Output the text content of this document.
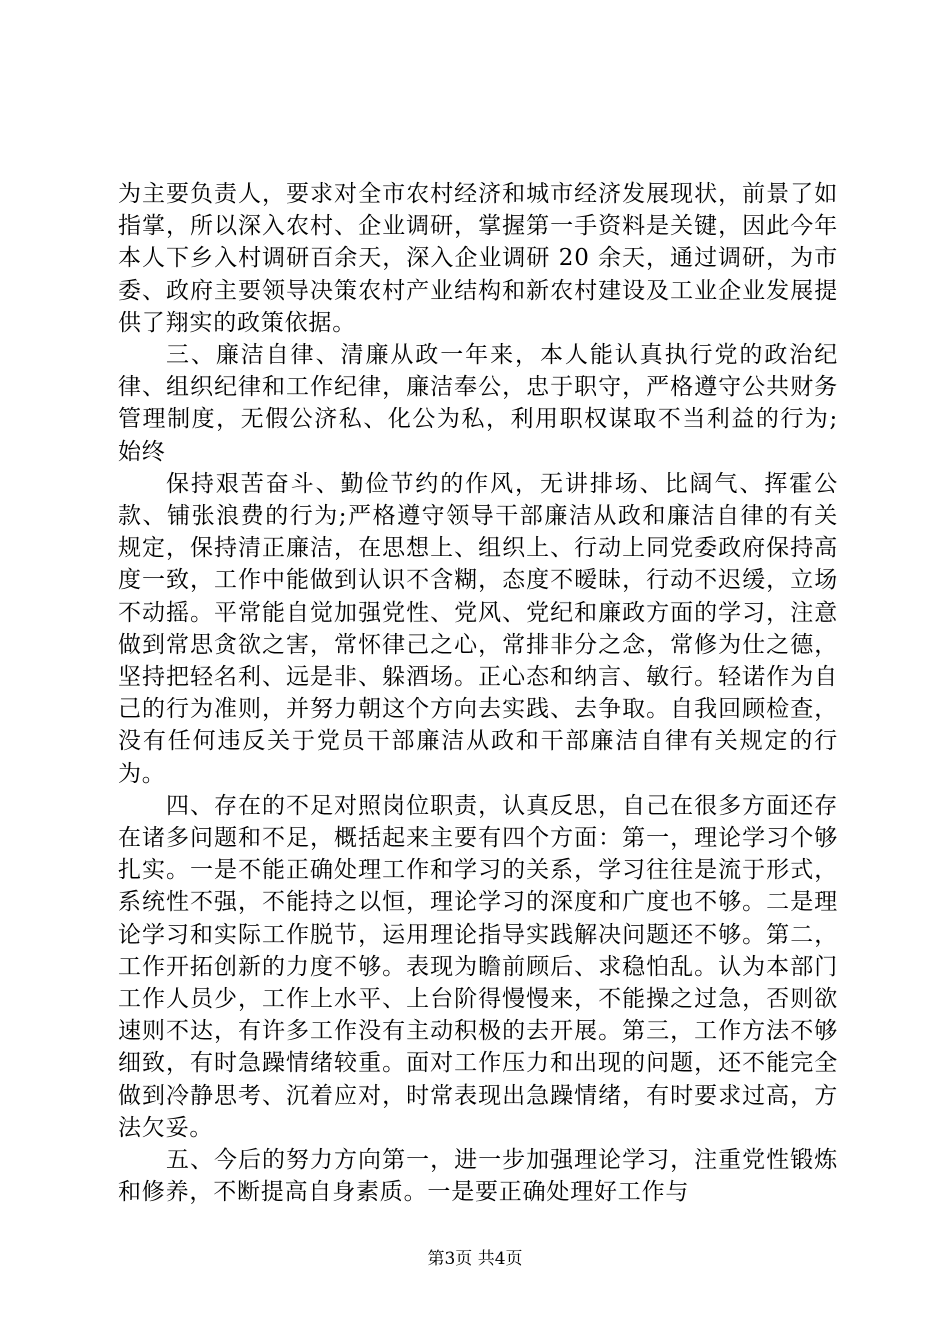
为主要负责人，要求对全市农村经济和城市经济发展现状，前景了如指掌，所以深入农村、企业调研，掌握第一手资料是关键，因此今年本人下乡入村调研百余天，深入企业调研 20 余天，通过调研，为市委、政府主要领导决策农村产业结构和新农村建设及工业企业发展提供了翔实的政策依据。

三、廉洁自律、清廉从政一年来，本人能认真执行党的政治纪律、组织纪律和工作纪律，廉洁奉公，忠于职守，严格遵守公共财务管理制度，无假公济私、化公为私，利用职权谋取不当利益的行为;始终

保持艰苦奋斗、勤俭节约的作风，无讲排场、比阔气、挥霍公款、铺张浪费的行为;严格遵守领导干部廉洁从政和廉洁自律的有关规定，保持清正廉洁，在思想上、组织上、行动上同党委政府保持高度一致，工作中能做到认识不含糊，态度不暧昧，行动不迟缓，立场不动摇。平常能自觉加强党性、党风、党纪和廉政方面的学习，注意做到常思贪欲之害，常怀律己之心，常排非分之念，常修为仕之德，坚持把轻名利、远是非、躲酒场。正心态和纳言、敏行。轻诺作为自己的行为准则，并努力朝这个方向去实践、去争取。自我回顾检查，没有任何违反关于党员干部廉洁从政和干部廉洁自律有关规定的行为。

四、存在的不足对照岗位职责，认真反思，自己在很多方面还存在诸多问题和不足，概括起来主要有四个方面：第一，理论学习个够扎实。一是不能正确处理工作和学习的关系，学习往往是流于形式，系统性不强，不能持之以恒，理论学习的深度和广度也不够。二是理论学习和实际工作脱节，运用理论指导实践解决问题还不够。第二，工作开拓创新的力度不够。表现为瞻前顾后、求稳怕乱。认为本部门工作人员少，工作上水平、上台阶得慢慢来，不能操之过急，否则欲速则不达，有许多工作没有主动积极的去开展。第三，工作方法不够细致，有时急躁情绪较重。面对工作压力和出现的问题，还不能完全做到冷静思考、沉着应对，时常表现出急躁情绪，有时要求过高，方法欠妥。

五、今后的努力方向第一，进一步加强理论学习，注重党性锻炼和修养，不断提高自身素质。一是要正确处理好工作与

第3页 共4页
